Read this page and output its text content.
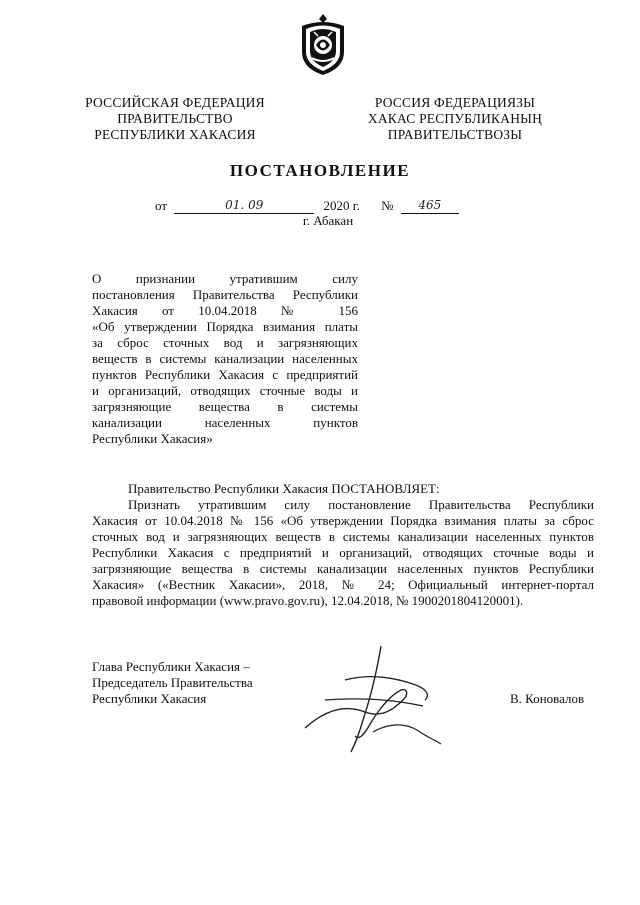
РОССИЙСКАЯ ФЕДЕРАЦИЯ
ПРАВИТЕЛЬСТВО
РЕСПУБЛИКИ ХАКАСИЯ
РОССИЯ ФЕДЕРАЦИЯЗЫ
ХАКАС РЕСПУБЛИКАНЫҢ
ПРАВИТЕЛЬСТВОЗЫ
ПОСТАНОВЛЕНИЕ
от	01. 09	2020 г. № 465
г. Абакан
О признании утратившим силу
постановления Правительства Республики
Хакасия от 10.04.2018 № 156
«Об утверждении Порядка взимания платы
за сброс сточных вод и загрязняющих
веществ в системы канализации населенных
пунктов Республики Хакасия с предприятий
и организаций, отводящих сточные воды и
загрязняющие вещества в системы
канализации населенных пунктов
Республики Хакасия»
Правительство Республики Хакасия ПОСТАНОВЛЯЕТ:
Признать утратившим силу постановление Правительства Республики
Хакасия от 10.04.2018 № 156 «Об утверждении Порядка взимания платы за сброс
сточных вод и загрязняющих веществ в системы канализации населенных пунктов
Республики Хакасия с предприятий и организаций, отводящих сточные воды и
загрязняющие вещества в системы канализации населенных пунктов Республики
Хакасия» («Вестник Хакасии», 2018, № 24; Официальный интернет-портал
правовой информации (www.pravo.gov.ru), 12.04.2018, № 1900201804120001).
Глава Республики Хакасия –
Председатель Правительства
Республики Хакасия	В. Коновалов
